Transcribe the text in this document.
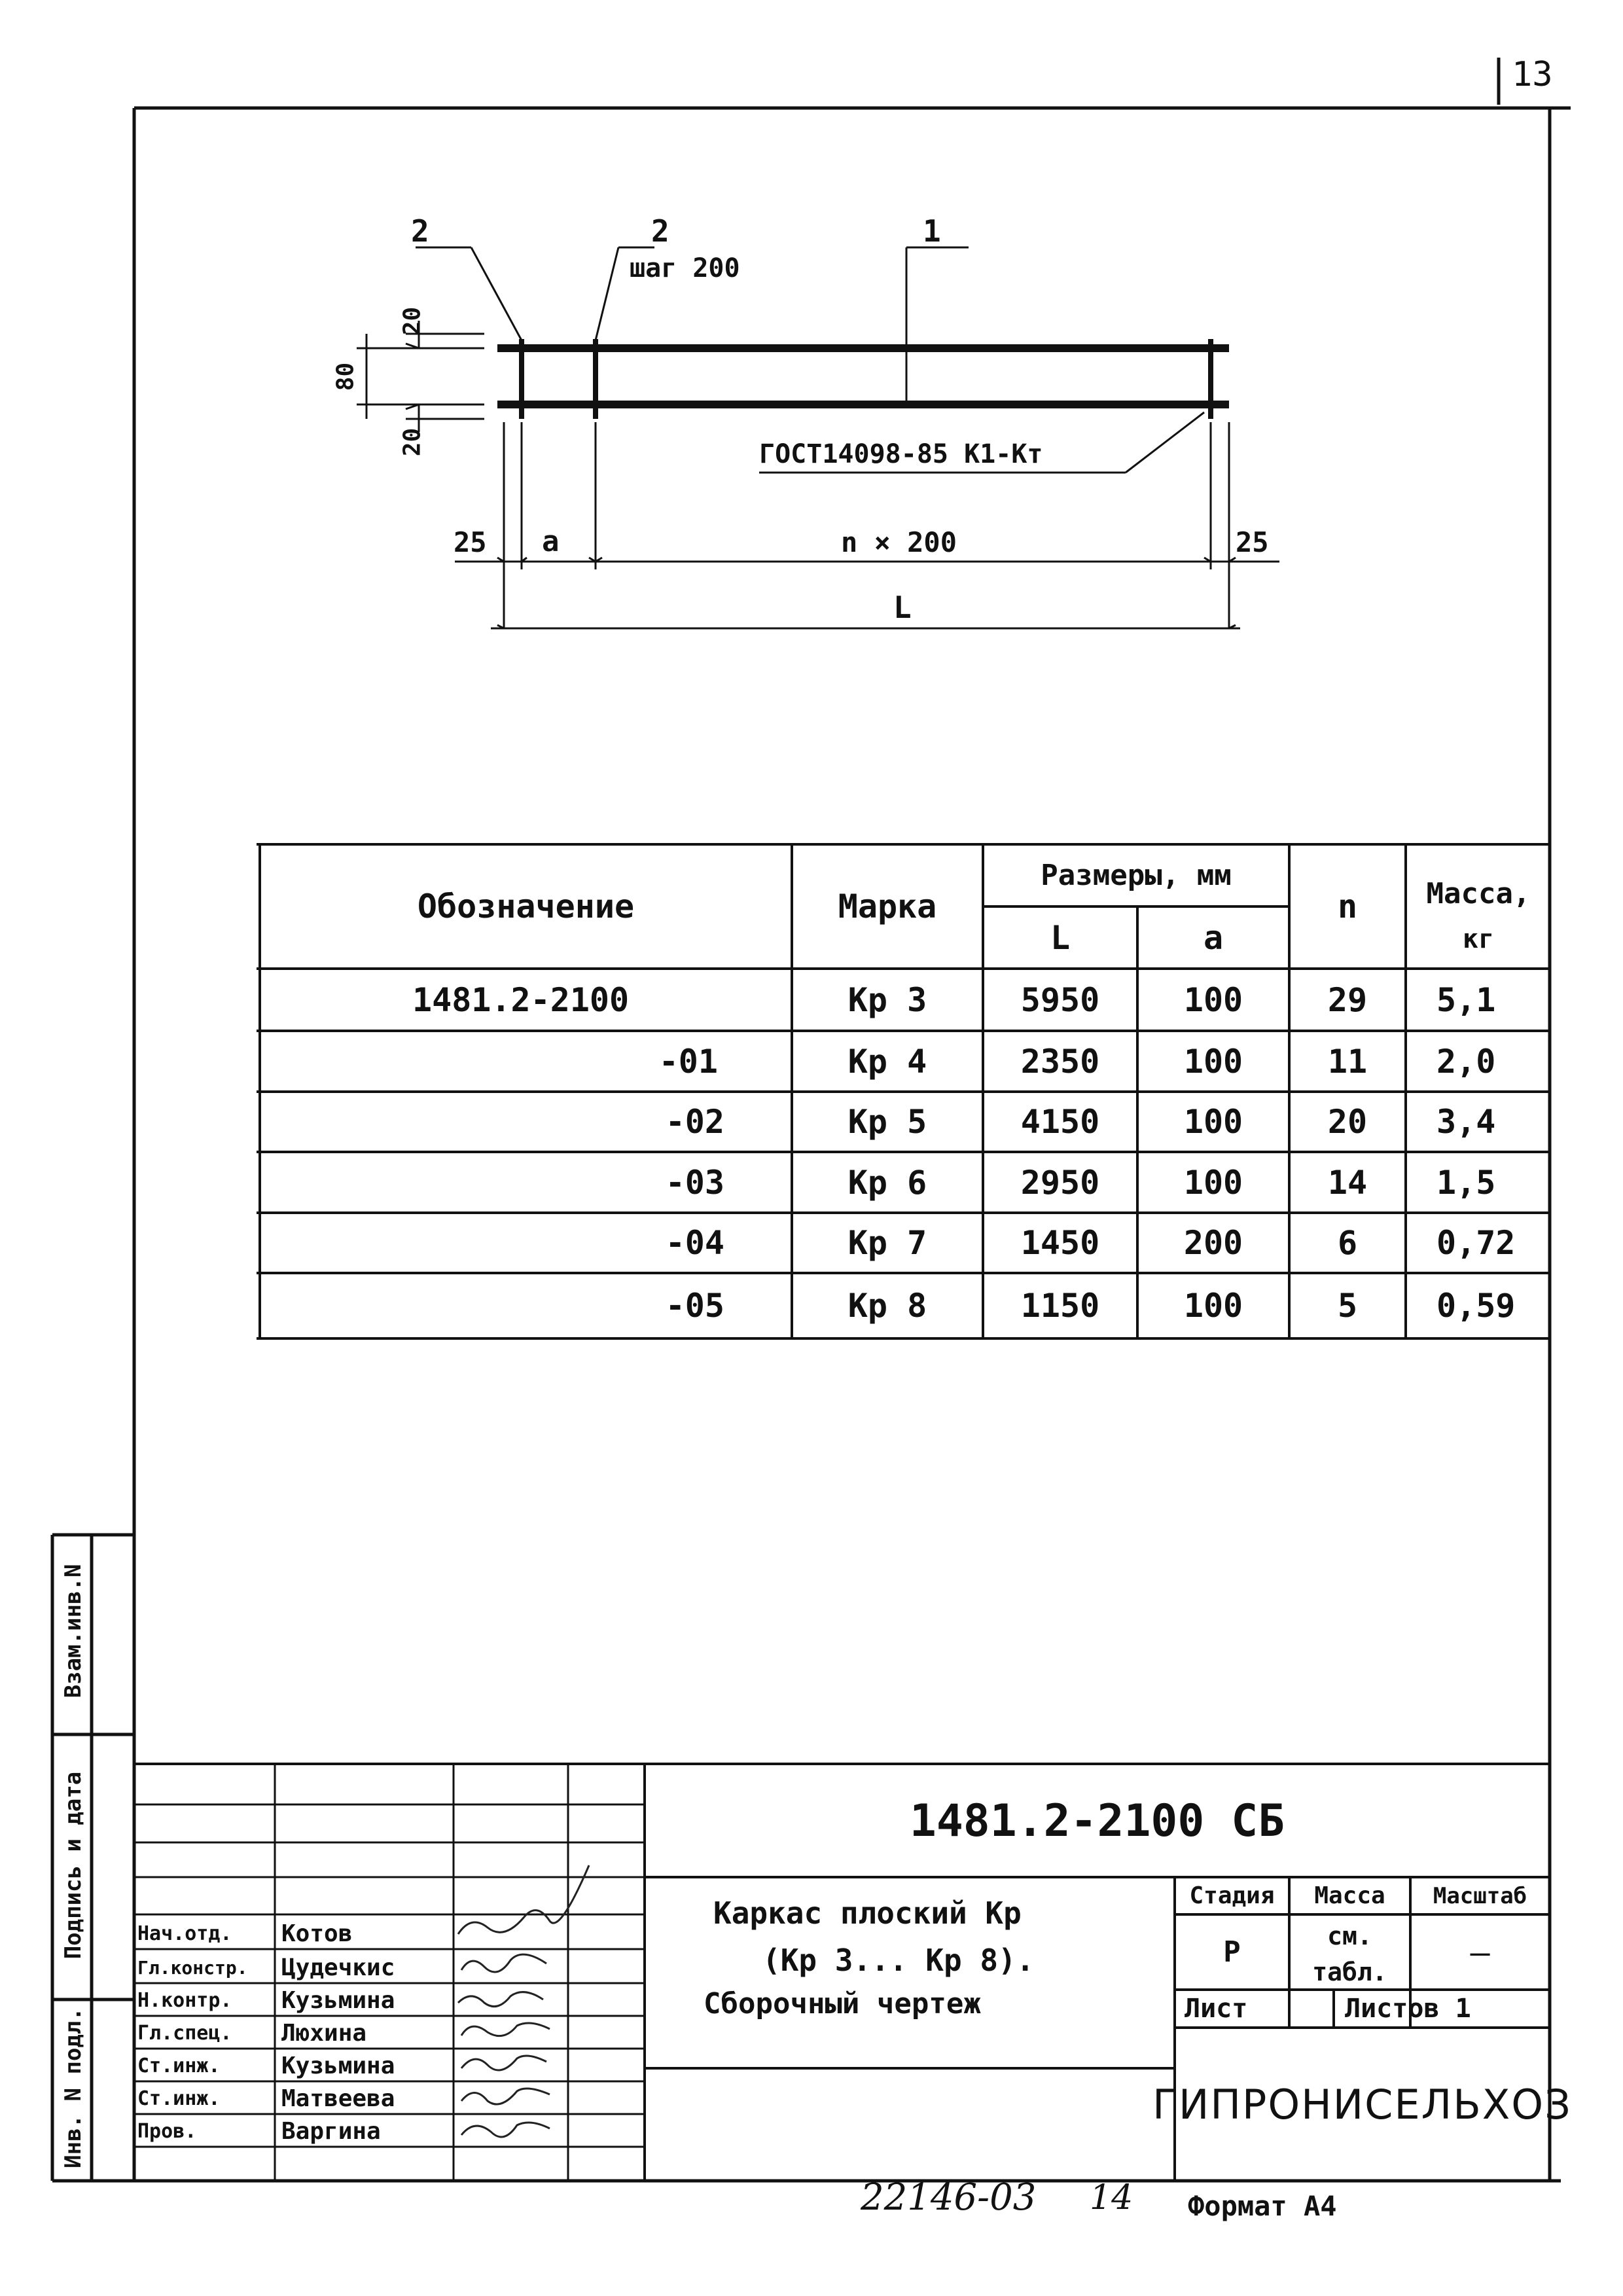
13
2	2
шаг 200
1
20
80
20	ГОСТ14098-85 К1-Кт
25 a	n × 200	25
L
Обозначение	Марка
Размеры, мм
L	a
n	Масса,
кг
1481.2-2100	Кр 3	5950	100	29	5,1
-01	Кр 4	2350	100	11	2,0
-02	Кр 5	4150	100	20	3,4
-03	Кр 6	2950	100	14	1,5
-04	Кр 7	1450	200	6	0,72
-05	Кр 8	1150	100	5	0,59
Взам.инв.N
Подпись и дата
Инв. N подл.
1481.2-2100 СБ
Каркас плоский Кр
(Кр 3... Кр 8).
Сборочный чертеж
Стадия	Масса	Масштаб
Р	см.
табл.
—
Лист	Листов 1
ГИПРОНИСЕЛЬХОЗ
Нач.отд.	Котов
Гл.констр.	Цудечкис
Н.контр.	Кузьмина
Гл.спец.	Люхина
Ст.инж.	Кузьмина
Ст.инж.	Матвеева
Пров.	Варгина
22146-03 14 Формат А4
